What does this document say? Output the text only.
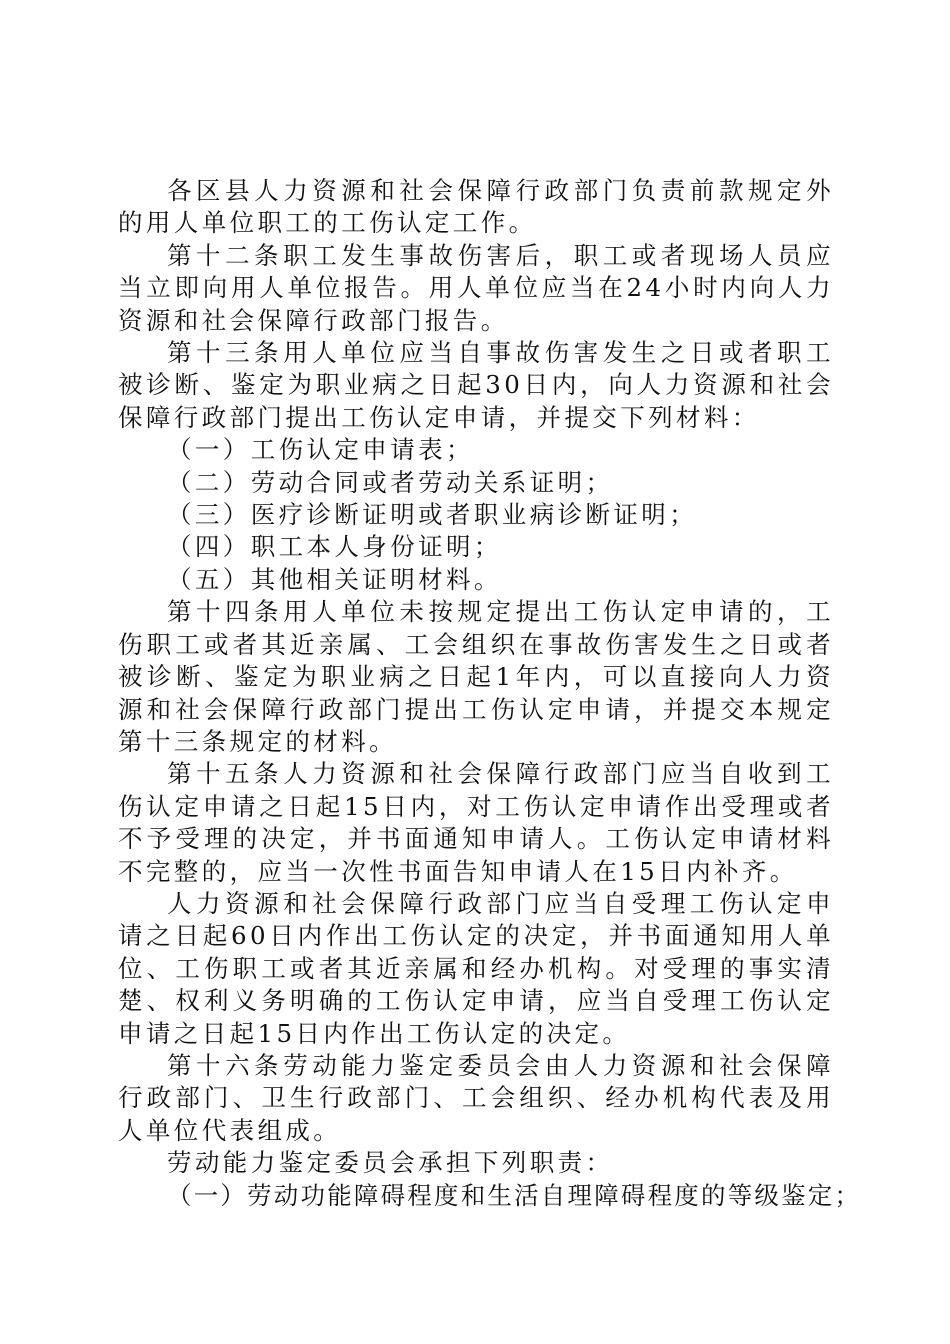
各区县人力资源和社会保障行政部门负责前款规定外的用人单位职工的工伤认定工作。

第十二条职工发生事故伤害后，职工或者现场人员应当立即向用人单位报告。用人单位应当在24小时内向人力资源和社会保障行政部门报告。

第十三条用人单位应当自事故伤害发生之日或者职工被诊断、鉴定为职业病之日起30日内，向人力资源和社会保障行政部门提出工伤认定申请，并提交下列材料：

（一）工伤认定申请表；

（二）劳动合同或者劳动关系证明；

（三）医疗诊断证明或者职业病诊断证明；

（四）职工本人身份证明；

（五）其他相关证明材料。

第十四条用人单位未按规定提出工伤认定申请的，工伤职工或者其近亲属、工会组织在事故伤害发生之日或者被诊断、鉴定为职业病之日起1年内，可以直接向人力资源和社会保障行政部门提出工伤认定申请，并提交本规定第十三条规定的材料。

第十五条人力资源和社会保障行政部门应当自收到工伤认定申请之日起15日内，对工伤认定申请作出受理或者不予受理的决定，并书面通知申请人。工伤认定申请材料不完整的，应当一次性书面告知申请人在15日内补齐。

人力资源和社会保障行政部门应当自受理工伤认定申请之日起60日内作出工伤认定的决定，并书面通知用人单位、工伤职工或者其近亲属和经办机构。对受理的事实清楚、权利义务明确的工伤认定申请，应当自受理工伤认定申请之日起15日内作出工伤认定的决定。

第十六条劳动能力鉴定委员会由人力资源和社会保障行政部门、卫生行政部门、工会组织、经办机构代表及用人单位代表组成。

劳动能力鉴定委员会承担下列职责：

（一）劳动功能障碍程度和生活自理障碍程度的等级鉴定；
